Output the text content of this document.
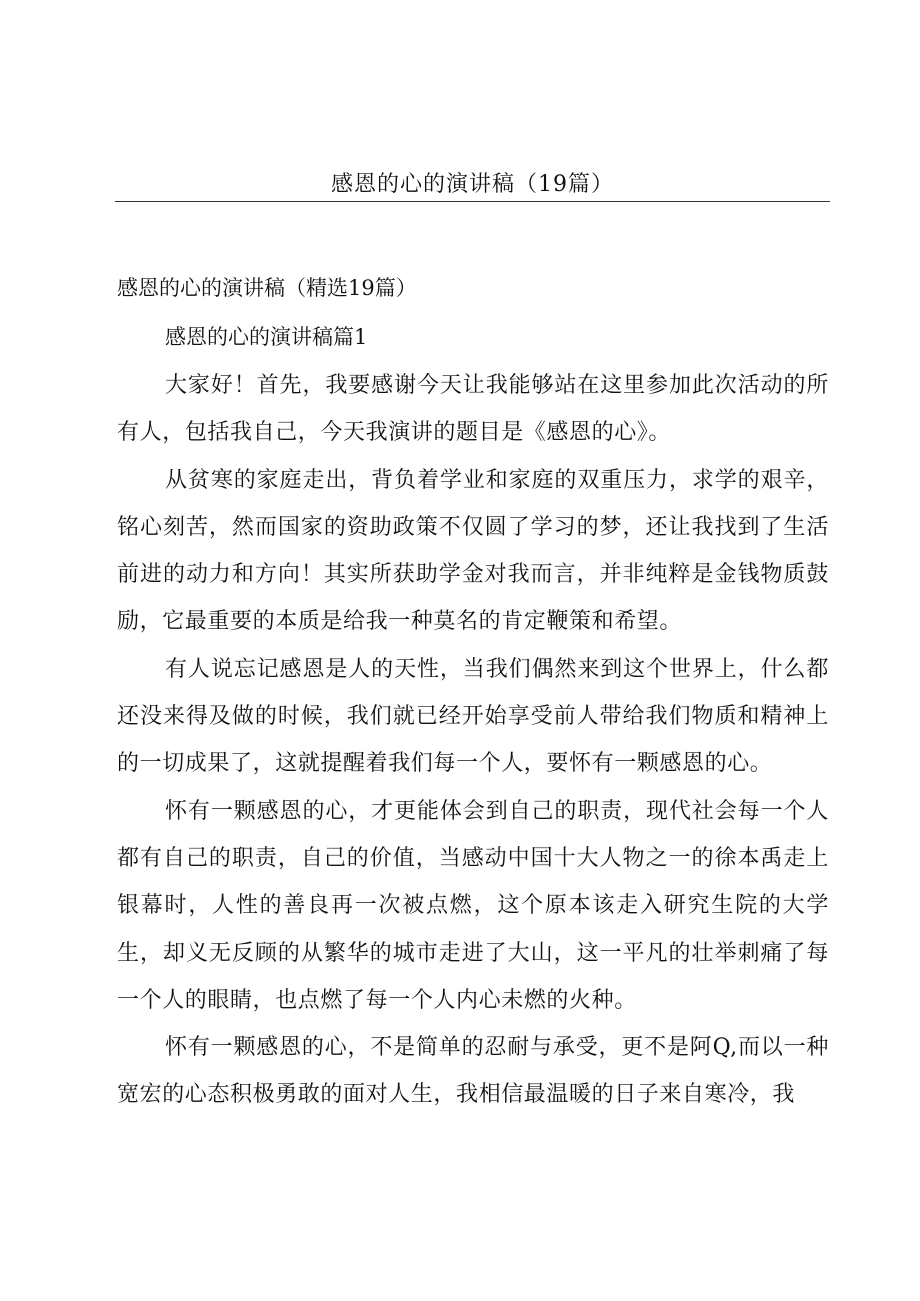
感恩的心的演讲稿（19篇）
感恩的心的演讲稿（精选19篇）
感恩的心的演讲稿篇1

大家好！首先，我要感谢今天让我能够站在这里参加此次活动的所有人，包括我自己，今天我演讲的题目是《感恩的心》。

从贫寒的家庭走出，背负着学业和家庭的双重压力，求学的艰辛，铭心刻苦，然而国家的资助政策不仅圆了学习的梦，还让我找到了生活前进的动力和方向！其实所获助学金对我而言，并非纯粹是金钱物质鼓励，它最重要的本质是给我一种莫名的肯定鞭策和希望。

有人说忘记感恩是人的天性，当我们偶然来到这个世界上，什么都还没来得及做的时候，我们就已经开始享受前人带给我们物质和精神上的一切成果了，这就提醒着我们每一个人，要怀有一颗感恩的心。

怀有一颗感恩的心，才更能体会到自己的职责，现代社会每一个人都有自己的职责，自己的价值，当感动中国十大人物之一的徐本禹走上银幕时，人性的善良再一次被点燃，这个原本该走入研究生院的大学生，却义无反顾的从繁华的城市走进了大山，这一平凡的壮举刺痛了每一个人的眼睛，也点燃了每一个人内心未燃的火种。

怀有一颗感恩的心，不是简单的忍耐与承受，更不是阿Q,而以一种宽宏的心态积极勇敢的面对人生，我相信最温暖的日子来自寒冷，我
